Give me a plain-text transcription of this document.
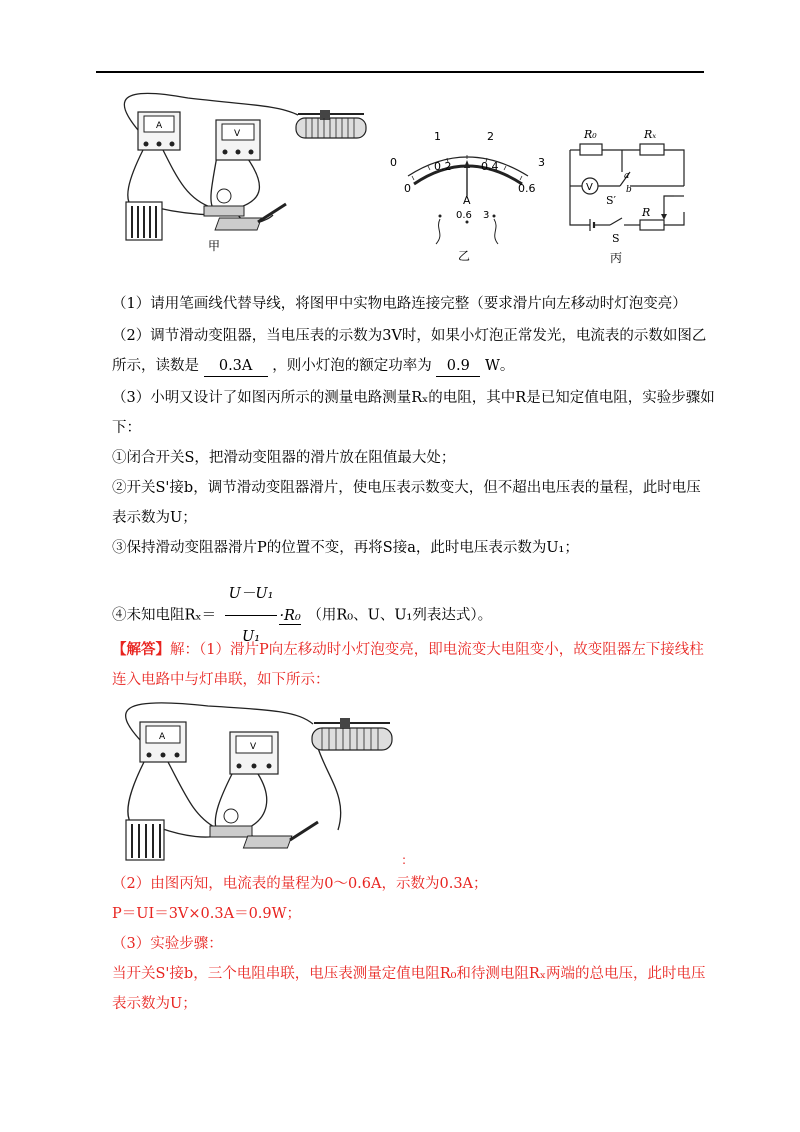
A
V
甲
0
1	2
3
0
0.2	0.4
0.6
A
0.6 3
乙
R₀	Rₓ
V
a
b
S′
R
S
丙

（1）请用笔画线代替导线，将图甲中实物电路连接完整（要求滑片向左移动时灯泡变亮）

（2）调节滑动变阻器，当电压表的示数为3V时，如果小灯泡正常发光，电流表的示数如图乙

所示，读数是 0.3A ，则小灯泡的额定功率为 0.9 W。

（3）小明又设计了如图丙所示的测量电路测量Rₓ的电阻，其中R是已知定值电阻，实验步骤如

下：

①闭合开关S，把滑动变阻器的滑片放在阻值最大处；

②开关S'接b，调节滑动变阻器滑片，使电压表示数变大，但不超出电压表的量程，此时电压

表示数为U；

③保持滑动变阻器滑片P的位置不变，再将S接a，此时电压表示数为U₁；

④未知电阻$R_x= \frac{\text{U－U₁}}{\text{U₁}} \cdot R_0$ （用R₀、U、U₁列表达式）。

【解答】解：（1）滑片P向左移动时小灯泡变亮，即电流变大电阻变小，故变阻器左下接线柱

连入电路中与灯串联，如下所示：

A
V
:

（2）由图丙知，电流表的量程为0～0.6A，示数为0.3A；

P＝UI＝3V×0.3A＝0.9W；

（3）实验步骤：

当开关S'接b，三个电阻串联，电压表测量定值电阻R₀和待测电阻Rₓ两端的总电压，此时电压

表示数为U；
